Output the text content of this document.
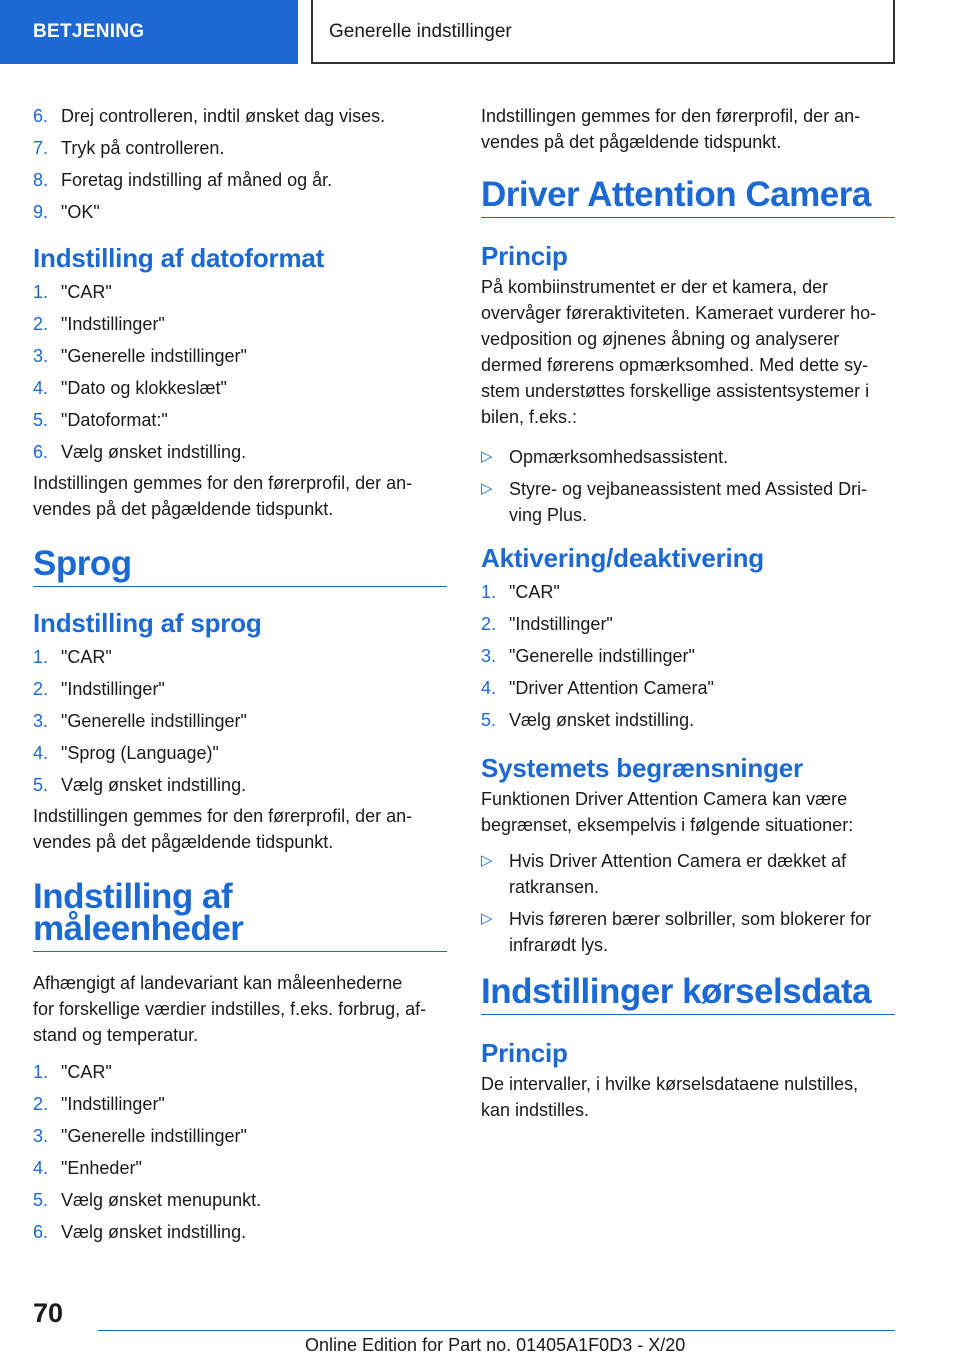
BETJENING	Generelle indstillinger
6. Drej controlleren, indtil ønsket dag vises.
7. Tryk på controlleren.
8. Foretag indstilling af måned og år.
9. "OK"
Indstilling af datoformat
1. "CAR"
2. "Indstillinger"
3. "Generelle indstillinger"
4. "Dato og klokkeslæt"
5. "Datoformat:"
6. Vælg ønsket indstilling.

Indstillingen gemmes for den førerprofil, der an‐
vendes på det pågældende tidspunkt.

Sprog
Indstilling af sprog
1. "CAR"
2. "Indstillinger"
3. "Generelle indstillinger"
4. "Sprog (Language)"
5. Vælg ønsket indstilling.

Indstillingen gemmes for den førerprofil, der an‐
vendes på det pågældende tidspunkt.

Indstilling af måleenheder

Afhængigt af landevariant kan måleenhederne
for forskellige værdier indstilles, f.eks. forbrug, af‐
stand og temperatur.

1. "CAR"
2. "Indstillinger"
3. "Generelle indstillinger"
4. "Enheder"
5. Vælg ønsket menupunkt.
6. Vælg ønsket indstilling.

Indstillingen gemmes for den førerprofil, der an‐
vendes på det pågældende tidspunkt.

Driver Attention Camera
Princip

På kombiinstrumentet er der et kamera, der
overvåger føreraktiviteten. Kameraet vurderer ho‐
vedposition og øjnenes åbning og analyserer
dermed førerens opmærksomhed. Med dette sy‐
stem understøttes forskellige assistentsystemer i
bilen, f.eks.:

▷ Opmærksomhedsassistent.
▷ Styre- og vejbaneassistent med Assisted Dri‐
ving Plus.
Aktivering/deaktivering
1. "CAR"
2. "Indstillinger"
3. "Generelle indstillinger"
4. "Driver Attention Camera"
5. Vælg ønsket indstilling.
Systemets begrænsninger

Funktionen Driver Attention Camera kan være
begrænset, eksempelvis i følgende situationer:

▷ Hvis Driver Attention Camera er dækket af
ratkransen.
▷ Hvis føreren bærer solbriller, som blokerer for
infrarødt lys.
Indstillinger kørselsdata
Princip

De intervaller, i hvilke kørselsdataene nulstilles,
kan indstilles.

70
Online Edition for Part no. 01405A1F0D3 - X/20
